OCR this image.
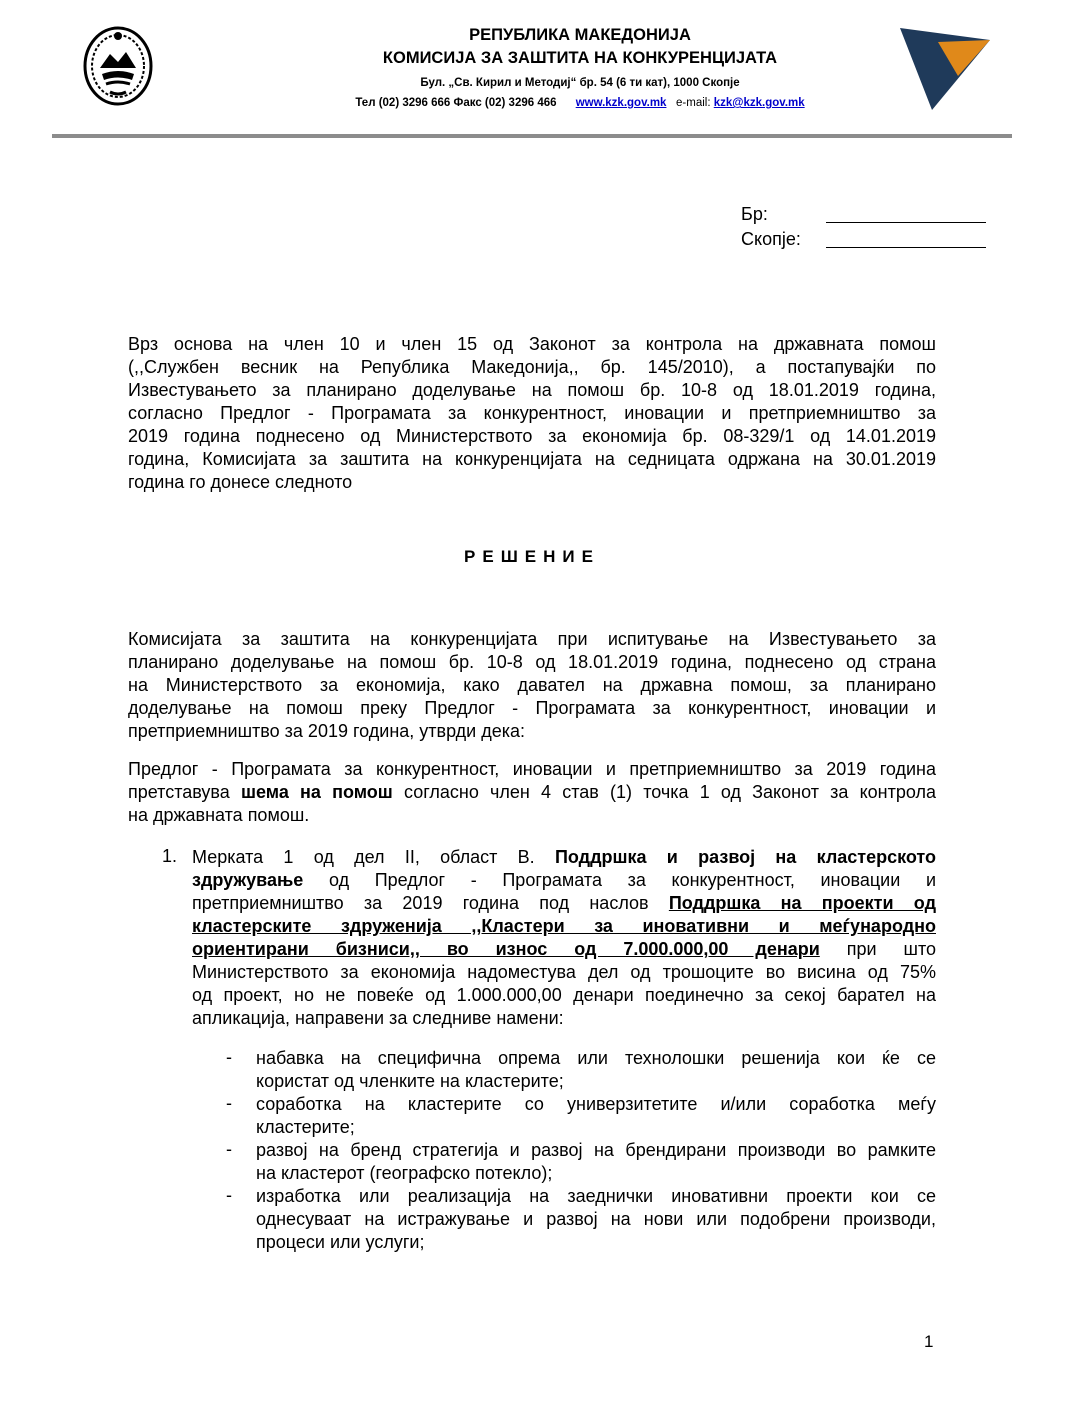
РЕПУБЛИКА МАКЕДОНИЈА
КОМИСИЈА ЗА ЗАШТИТА НА КОНКУРЕНЦИЈАТА
Бул. „Св. Кирил и Методиј“ бр. 54 (6 ти кат), 1000 Скопје
Тел (02) 3296 666 Факс (02) 3296 466 www.kzk.gov.mk e-mail: kzk@kzk.gov.mk
Бр:
Скопје:
Врз основа на член 10 и член 15 од Законот за контрола на државната помош
(,,Службен весник на Република Македонија,, бр. 145/2010), а постапувајќи по
Известувањето за планирано доделување на помош бр. 10-8 од 18.01.2019 година,
согласно Предлог - Програмата за конкурентност, иновации и претприемништво за
2019 година поднесено од Министерството за економија бр. 08-329/1 од 14.01.2019
година, Комисијата за заштита на конкуренцијата на седницата одржана на 30.01.2019
година го донесе следното
РЕШЕНИЕ
Комисијата за заштита на конкуренцијата при испитување на Известувањето за
планирано доделување на помош бр. 10-8 од 18.01.2019 година, поднесено од страна
на Министерството за економија, како давател на државна помош, за планирано
доделување на помош преку Предлог - Програмата за конкурентност, иновации и
претприемништво за 2019 година, утврди дека:
Предлог - Програмата за конкурентност, иновации и претприемништво за 2019 година
претставува шема на помош согласно член 4 став (1) точка 1 од Законот за контрола
на државната помош.
1. Мерката 1 од дел II, област В. Поддршка и развој на кластерското
здружување од Предлог - Програмата за конкурентност, иновации и
претприемништво за 2019 година под наслов Поддршка на проекти од
кластерските здруженија ,,Кластери за иновативни и меѓународно
ориентирани бизниси,, во износ од 7.000.000,00 денари при што
Министерството за економија надоместува дел од трошоците во висина од 75%
од проект, но не повеќе од 1.000.000,00 денари поединечно за секој барател на
апликација, направени за следниве намени:
- набавка на специфична опрема или технолошки решенија кои ќе се
користат од членките на кластерите;
- соработка на кластерите со универзитетите и/или соработка меѓу
кластерите;
- развој на бренд стратегија и развој на брендирани производи во рамките
на кластерот (географско потекло);
- изработка или реализација на заеднички иновативни проекти кои се
однесуваат на истражување и развој на нови или подобрени производи,
процеси или услуги;
1
